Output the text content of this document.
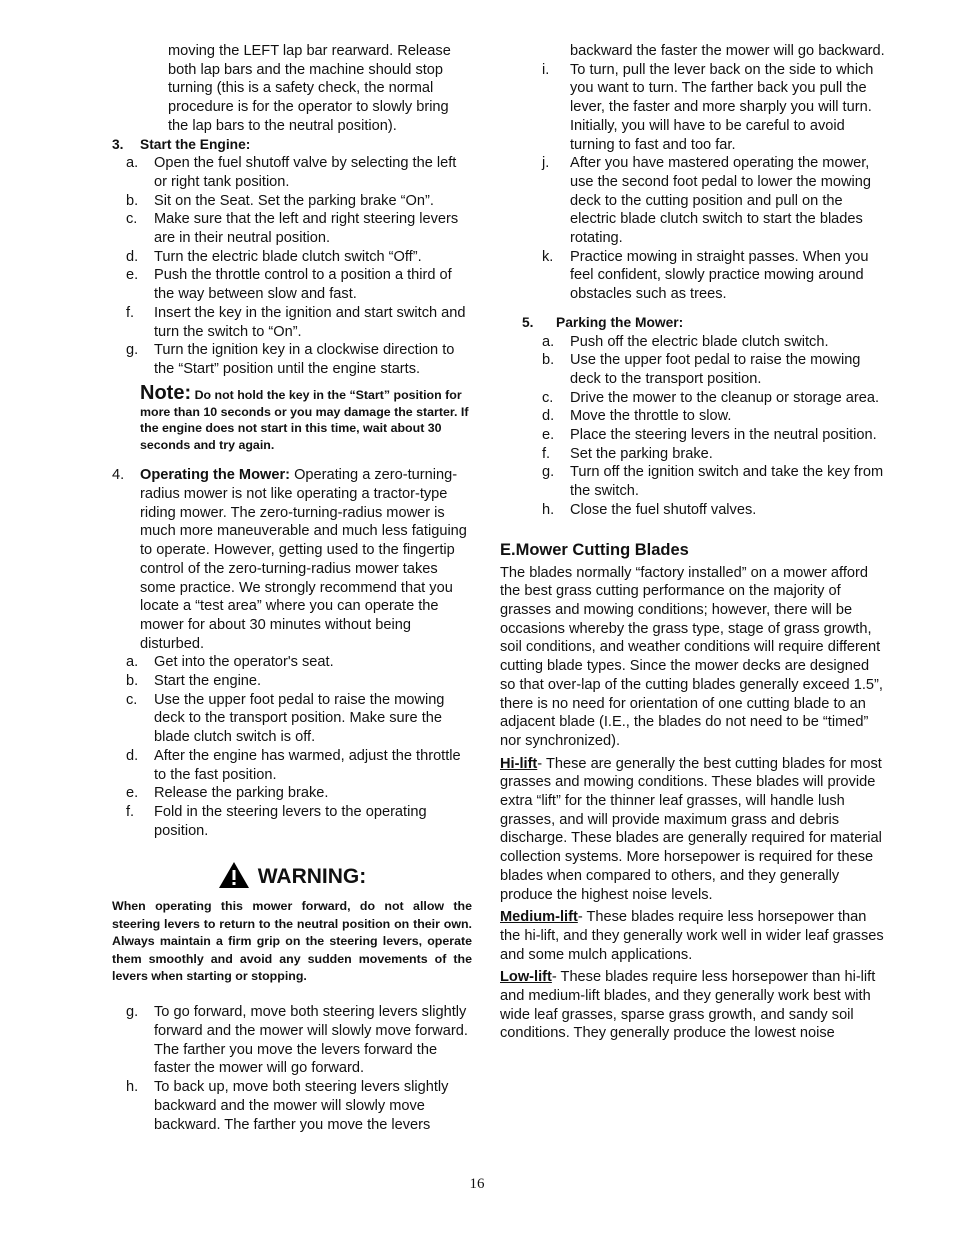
moving the LEFT lap bar rearward. Release
both lap bars and the machine should stop
turning (this is a safety check, the normal
procedure is for the operator to slowly bring
the lap bars to the neutral position).
3.	Start the Engine:
a.	Open the fuel shutoff valve by selecting the left or right tank position.
b.	Sit on the Seat. Set the parking brake “On”.
c.	Make sure that the left and right steering levers are in their neutral position.
d.	Turn the electric blade clutch switch “Off”.
e.	Push the throttle control to a position a third of the way between slow and fast.
f.	Insert the key in the ignition and start switch and turn the switch to “On”.
g.	Turn the ignition key in a clockwise direction to the “Start” position until the engine starts.
Note: Do not hold the key in the “Start” position for more than 10 seconds or you may damage the starter. If the engine does not start in this time, wait about 30 seconds and try again.
4.	Operating the Mower: Operating a zero-turning-radius mower is not like operating a tractor-type riding mower. The zero-turning-radius mower is much more maneuverable and much less fatiguing to operate. However, getting used to the fingertip control of the zero-turning-radius mower takes some practice. We strongly recommend that you locate a “test area” where you can operate the mower for about 30 minutes without being disturbed.
a.	Get into the operator's seat.
b.	Start the engine.
c.	Use the upper foot pedal to raise the mowing deck to the transport position. Make sure the blade clutch switch is off.
d.	After the engine has warmed, adjust the throttle to the fast position.
e.	Release the parking brake.
f.	Fold in the steering levers to the operating position.
WARNING:
When operating this mower forward, do not allow the steering levers to return to the neutral position on their own. Always maintain a firm grip on the steering levers, operate them smoothly and avoid any sudden movements of the levers when starting or stopping.
g.	To go forward, move both steering levers slightly forward and the mower will slowly move forward. The farther you move the levers forward the faster the mower will go forward.
h.	To back up, move both steering levers slightly backward and the mower will slowly move backward. The farther you move the levers
backward the faster the mower will go backward.
i.	To turn, pull the lever back on the side to which you want to turn. The farther back you pull the lever, the faster and more sharply you will turn. Initially, you will have to be careful to avoid turning to fast and too far.
j.	After you have mastered operating the mower, use the second foot pedal to lower the mowing deck to the cutting position and pull on the electric blade clutch switch to start the blades rotating.
k.	Practice mowing in straight passes. When you feel confident, slowly practice mowing around obstacles such as trees.
5.	Parking the Mower:
a.	Push off the electric blade clutch switch.
b.	Use the upper foot pedal to raise the mowing deck to the transport position.
c.	Drive the mower to the cleanup or storage area.
d.	Move the throttle to slow.
e.	Place the steering levers in the neutral position.
f.	Set the parking brake.
g.	Turn off the ignition switch and take the key from the switch.
h.	Close the fuel shutoff valves.
E.Mower Cutting Blades
The blades normally “factory installed” on a mower afford the best grass cutting performance on the majority of grasses and mowing conditions; however, there will be occasions whereby the grass type, stage of grass growth, soil conditions, and weather conditions will require different cutting blade types. Since the mower decks are designed so that over-lap of the cutting blades generally exceed 1.5”, there is no need for orientation of one cutting blade to an adjacent blade (I.E., the blades do not need to be “timed” nor synchronized).
Hi-lift- These are generally the best cutting blades for most grasses and mowing conditions. These blades will provide extra “lift” for the thinner leaf grasses, will handle lush grasses, and will provide maximum grass and debris discharge. These blades are generally required for material collection systems. More horsepower is required for these blades when compared to others, and they generally produce the highest noise levels.
Medium-lift- These blades require less horsepower than the hi-lift, and they generally work well in wider leaf grasses and some mulch applications.
Low-lift- These blades require less horsepower than hi-lift and medium-lift blades, and they generally work best with wide leaf grasses, sparse grass growth, and sandy soil conditions. They generally produce the lowest noise
16
